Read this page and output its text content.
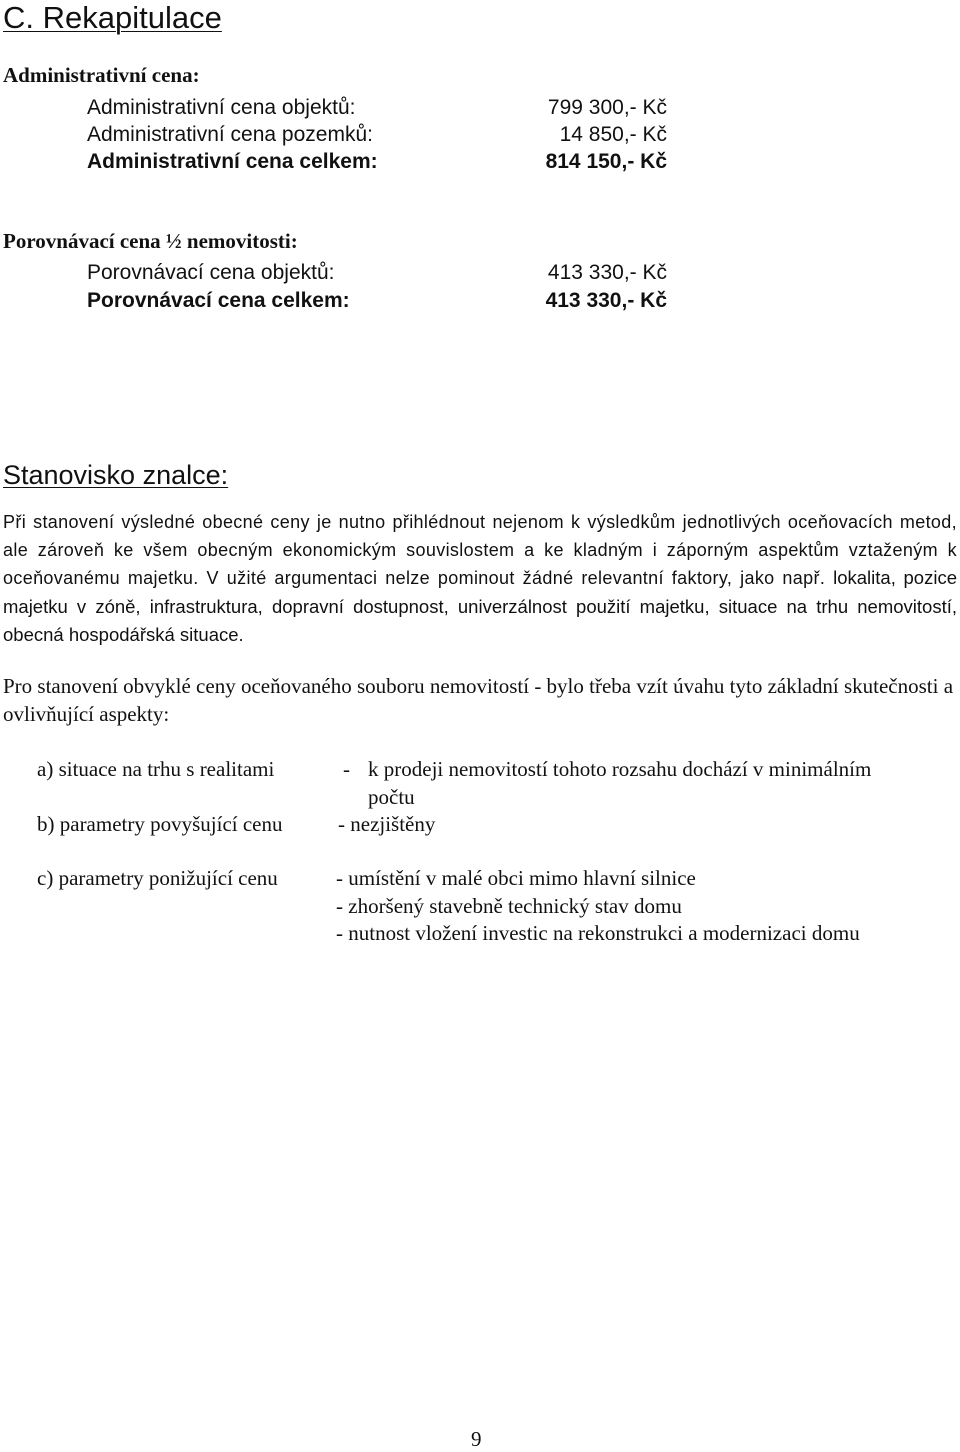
C. Rekapitulace
Administrativní cena:
Administrativní cena objektů:	799 300,- Kč
Administrativní cena pozemků:	14 850,- Kč
Administrativní cena celkem:	814 150,- Kč
Porovnávací cena ½ nemovitosti:
Porovnávací cena objektů:	413 330,- Kč
Porovnávací cena celkem:	413 330,- Kč
Stanovisko znalce:
Při stanovení výsledné obecné ceny je nutno přihlédnout nejenom k výsledkům jednotlivých oceňovacích metod, ale zároveň ke všem obecným ekonomickým souvislostem a ke kladným i záporným aspektům vztaženým k oceňovanému majetku. V užité argumentaci nelze pominout žádné relevantní faktory, jako např. lokalita, pozice majetku v zóně, infrastruktura, dopravní dostupnost, univerzálnost použití majetku, situace na trhu nemovitostí, obecná hospodářská situace.
Pro stanovení obvyklé ceny oceňovaného souboru nemovitostí - bylo třeba vzít úvahu tyto základní skutečnosti a ovlivňující aspekty:
a) situace na trhu s realitami	- k prodeji nemovitostí tohoto rozsahu dochází v minimálním
počtu
b) parametry povyšující cenu	- nezjištěny
c) parametry ponižující cenu	- umístění v malé obci mimo hlavní silnice
- zhoršený stavebně technický stav domu
- nutnost vložení investic na rekonstrukci a modernizaci domu
9
